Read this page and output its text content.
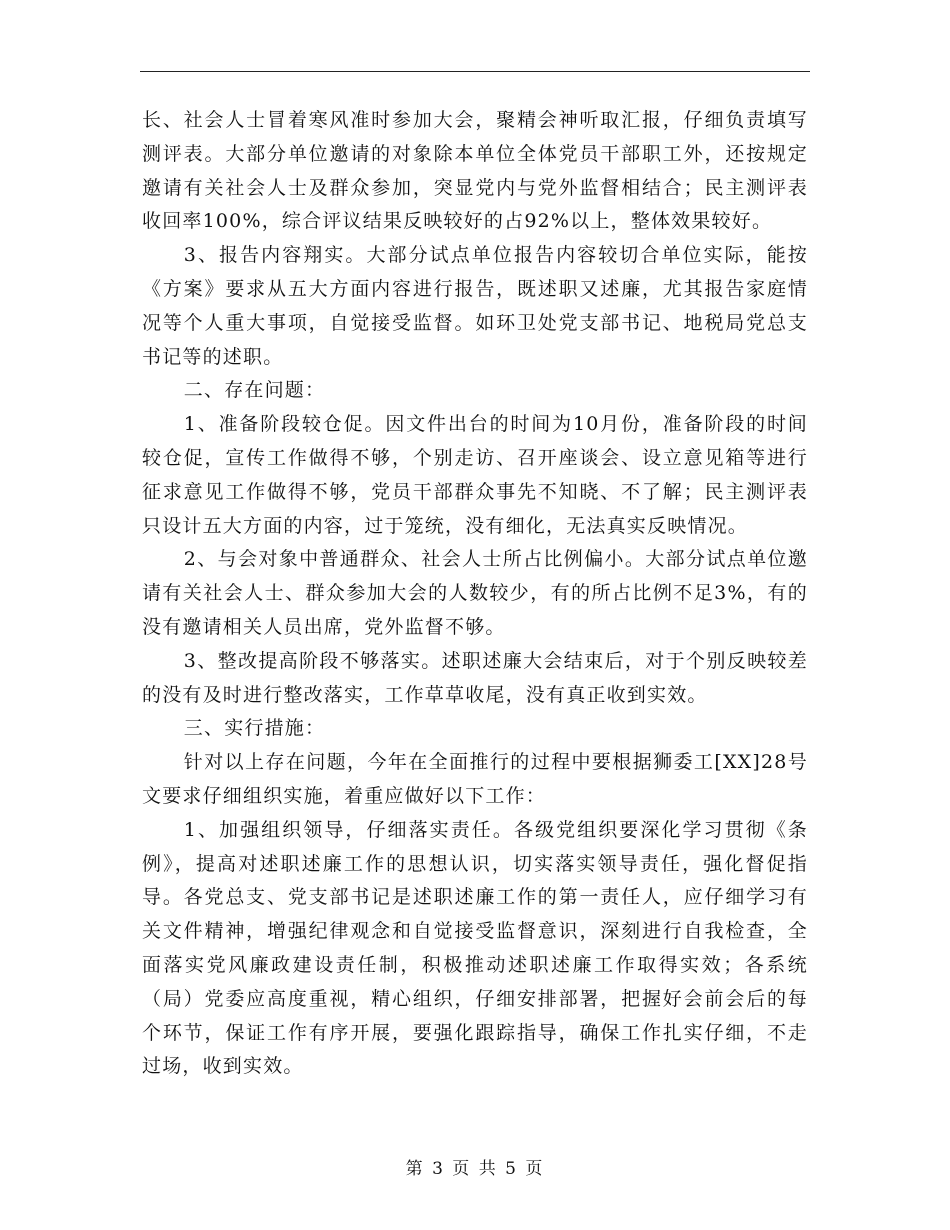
长、社会人士冒着寒风准时参加大会，聚精会神听取汇报，仔细负责填写测评表。大部分单位邀请的对象除本单位全体党员干部职工外，还按规定邀请有关社会人士及群众参加，突显党内与党外监督相结合；民主测评表收回率100%，综合评议结果反映较好的占92%以上，整体效果较好。

3、报告内容翔实。大部分试点单位报告内容较切合单位实际，能按《方案》要求从五大方面内容进行报告，既述职又述廉，尤其报告家庭情况等个人重大事项，自觉接受监督。如环卫处党支部书记、地税局党总支书记等的述职。

二、存在问题：

1、准备阶段较仓促。因文件出台的时间为10月份，准备阶段的时间较仓促，宣传工作做得不够，个别走访、召开座谈会、设立意见箱等进行征求意见工作做得不够，党员干部群众事先不知晓、不了解；民主测评表只设计五大方面的内容，过于笼统，没有细化，无法真实反映情况。

2、与会对象中普通群众、社会人士所占比例偏小。大部分试点单位邀请有关社会人士、群众参加大会的人数较少，有的所占比例不足3%，有的没有邀请相关人员出席，党外监督不够。

3、整改提高阶段不够落实。述职述廉大会结束后，对于个别反映较差的没有及时进行整改落实，工作草草收尾，没有真正收到实效。

三、实行措施：

针对以上存在问题，今年在全面推行的过程中要根据狮委工[XX]28号文要求仔细组织实施，着重应做好以下工作：

1、加强组织领导，仔细落实责任。各级党组织要深化学习贯彻《条例》，提高对述职述廉工作的思想认识，切实落实领导责任，强化督促指导。各党总支、党支部书记是述职述廉工作的第一责任人，应仔细学习有关文件精神，增强纪律观念和自觉接受监督意识，深刻进行自我检查，全面落实党风廉政建设责任制，积极推动述职述廉工作取得实效；各系统（局）党委应高度重视，精心组织，仔细安排部署，把握好会前会后的每个环节，保证工作有序开展，要强化跟踪指导，确保工作扎实仔细，不走过场，收到实效。

第 3 页 共 5 页
